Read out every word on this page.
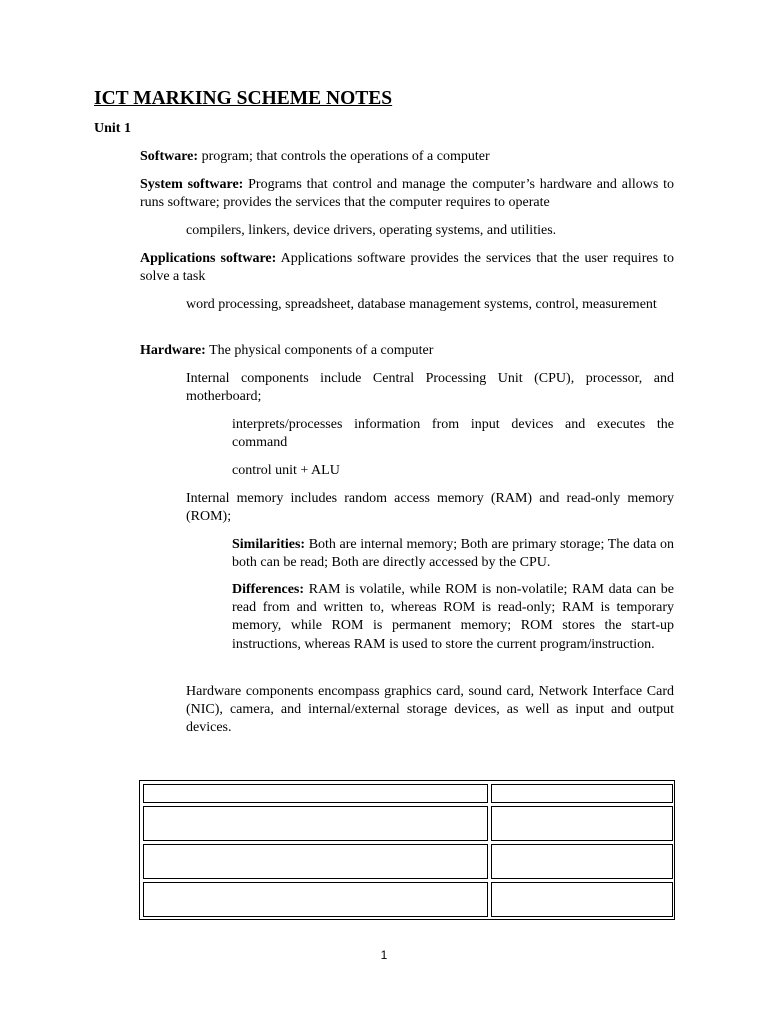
ICT MARKING SCHEME NOTES
Unit 1

Software: program; that controls the operations of a computer

System software: Programs that control and manage the computer’s hardware and allows to runs software; provides the services that the computer requires to operate

compilers, linkers, device drivers, operating systems, and utilities.

Applications software: Applications software provides the services that the user requires to solve a task

word processing, spreadsheet, database management systems, control, measurement

Hardware: The physical components of a computer

Internal components include Central Processing Unit (CPU), processor, and motherboard;

interprets/processes information from input devices and executes the command

control unit + ALU

Internal memory includes random access memory (RAM) and read-only memory (ROM);

Similarities: Both are internal memory; Both are primary storage; The data on both can be read; Both are directly accessed by the CPU.

Differences: RAM is volatile, while ROM is non-volatile; RAM data can be read from and written to, whereas ROM is read-only; RAM is temporary memory, while ROM is permanent memory; ROM stores the start-up instructions, whereas RAM is used to store the current program/instruction.

Hardware components encompass graphics card, sound card, Network Interface Card (NIC), camera, and internal/external storage devices, as well as input and output devices.

1
